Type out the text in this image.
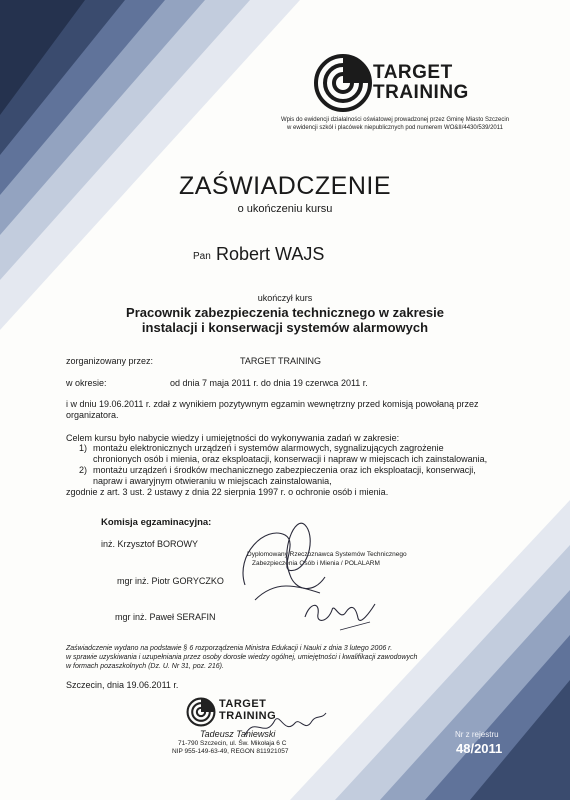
TARGET
TRAINING
Wpis do ewidencji działalności oświatowej prowadzonej przez Gminę Miasto Szczecin
w ewidencji szkół i placówek niepublicznych pod numerem WO&II/4430/539/2011
ZAŚWIADCZENIE
o ukończeniu kursu
Pan Robert WAJS
ukończył kurs
Pracownik zabezpieczenia technicznego w zakresie
instalacji i konserwacji systemów alarmowych
zorganizowany przez:	TARGET TRAINING
w okresie:	od dnia 7 maja 2011 r. do dnia 19 czerwca 2011 r.
i w dniu 19.06.2011 r. zdał z wynikiem pozytywnym egzamin wewnętrzny przed komisją powołaną przez
organizatora.
Celem kursu było nabycie wiedzy i umiejętności do wykonywania zadań w zakresie:
1) montażu elektronicznych urządzeń i systemów alarmowych, sygnalizujących zagrożenie
chronionych osób i mienia, oraz eksploatacji, konserwacji i napraw w miejscach ich zainstalowania,
2) montażu urządzeń i środków mechanicznego zabezpieczenia oraz ich eksploatacji, konserwacji,
napraw i awaryjnym otwieraniu w miejscach zainstalowania,
zgodnie z art. 3 ust. 2 ustawy z dnia 22 sierpnia 1997 r. o ochronie osób i mienia.
Komisja egzaminacyjna:
inż. Krzysztof BOROWY
mgr inż. Piotr GORYCZKO
mgr inż. Paweł SERAFIN
Dyplomowany Rzeczoznawca Systemów Technicznego
Zabezpieczenia Osób i Mienia / POLALARM
Zaświadczenie wydano na podstawie § 6 rozporządzenia Ministra Edukacji i Nauki z dnia 3 lutego 2006 r.
w sprawie uzyskiwania i uzupełniania przez osoby dorosłe wiedzy ogólnej, umiejętności i kwalifikacji zawodowych
w formach pozaszkolnych (Dz. U. Nr 31, poz. 216).
Szczecin, dnia 19.06.2011 r.
TARGET
TRAINING
Tadeusz Taniewski
71-790 Szczecin, ul. Św. Mikołaja 6 C
NIP 955-149-63-49, REGON 811921057
Nr z rejestru
48/2011
